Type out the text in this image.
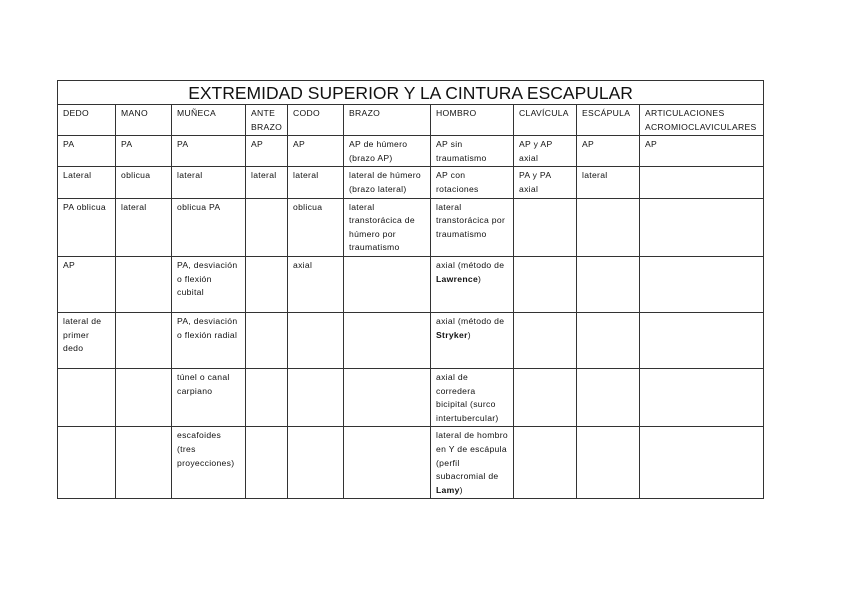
EXTREMIDAD SUPERIOR Y LA CINTURA ESCAPULAR									
DEDO	MANO	MUÑECA	ANTE BRAZO	CODO	BRAZO	HOMBRO	CLAVÍCULA	ESCÁPULA	ARTICULACIONES ACROMIOCLAVICULARES
PA	PA	PA	AP	AP	AP de húmero (brazo AP)	AP sin traumatismo	AP y AP axial	AP	AP
Lateral	oblicua	lateral	lateral	lateral	lateral de húmero (brazo lateral)	AP con rotaciones	PA y PA axial	lateral	
PA oblicua	lateral	oblicua PA		oblicua	lateral transtorácica de húmero por traumatismo	lateral transtorácica por traumatismo			
AP		PA, desviación o flexión cubital		axial		axial (método de Lawrence)			
lateral de primer dedo		PA, desviación o flexión radial				axial (método de Stryker)			
		túnel o canal carpiano				axial de corredera bicipital (surco intertubercular)			
		escafoides (tres proyecciones)				lateral de hombro en Y de escápula (perfil subacromial de Lamy)			
